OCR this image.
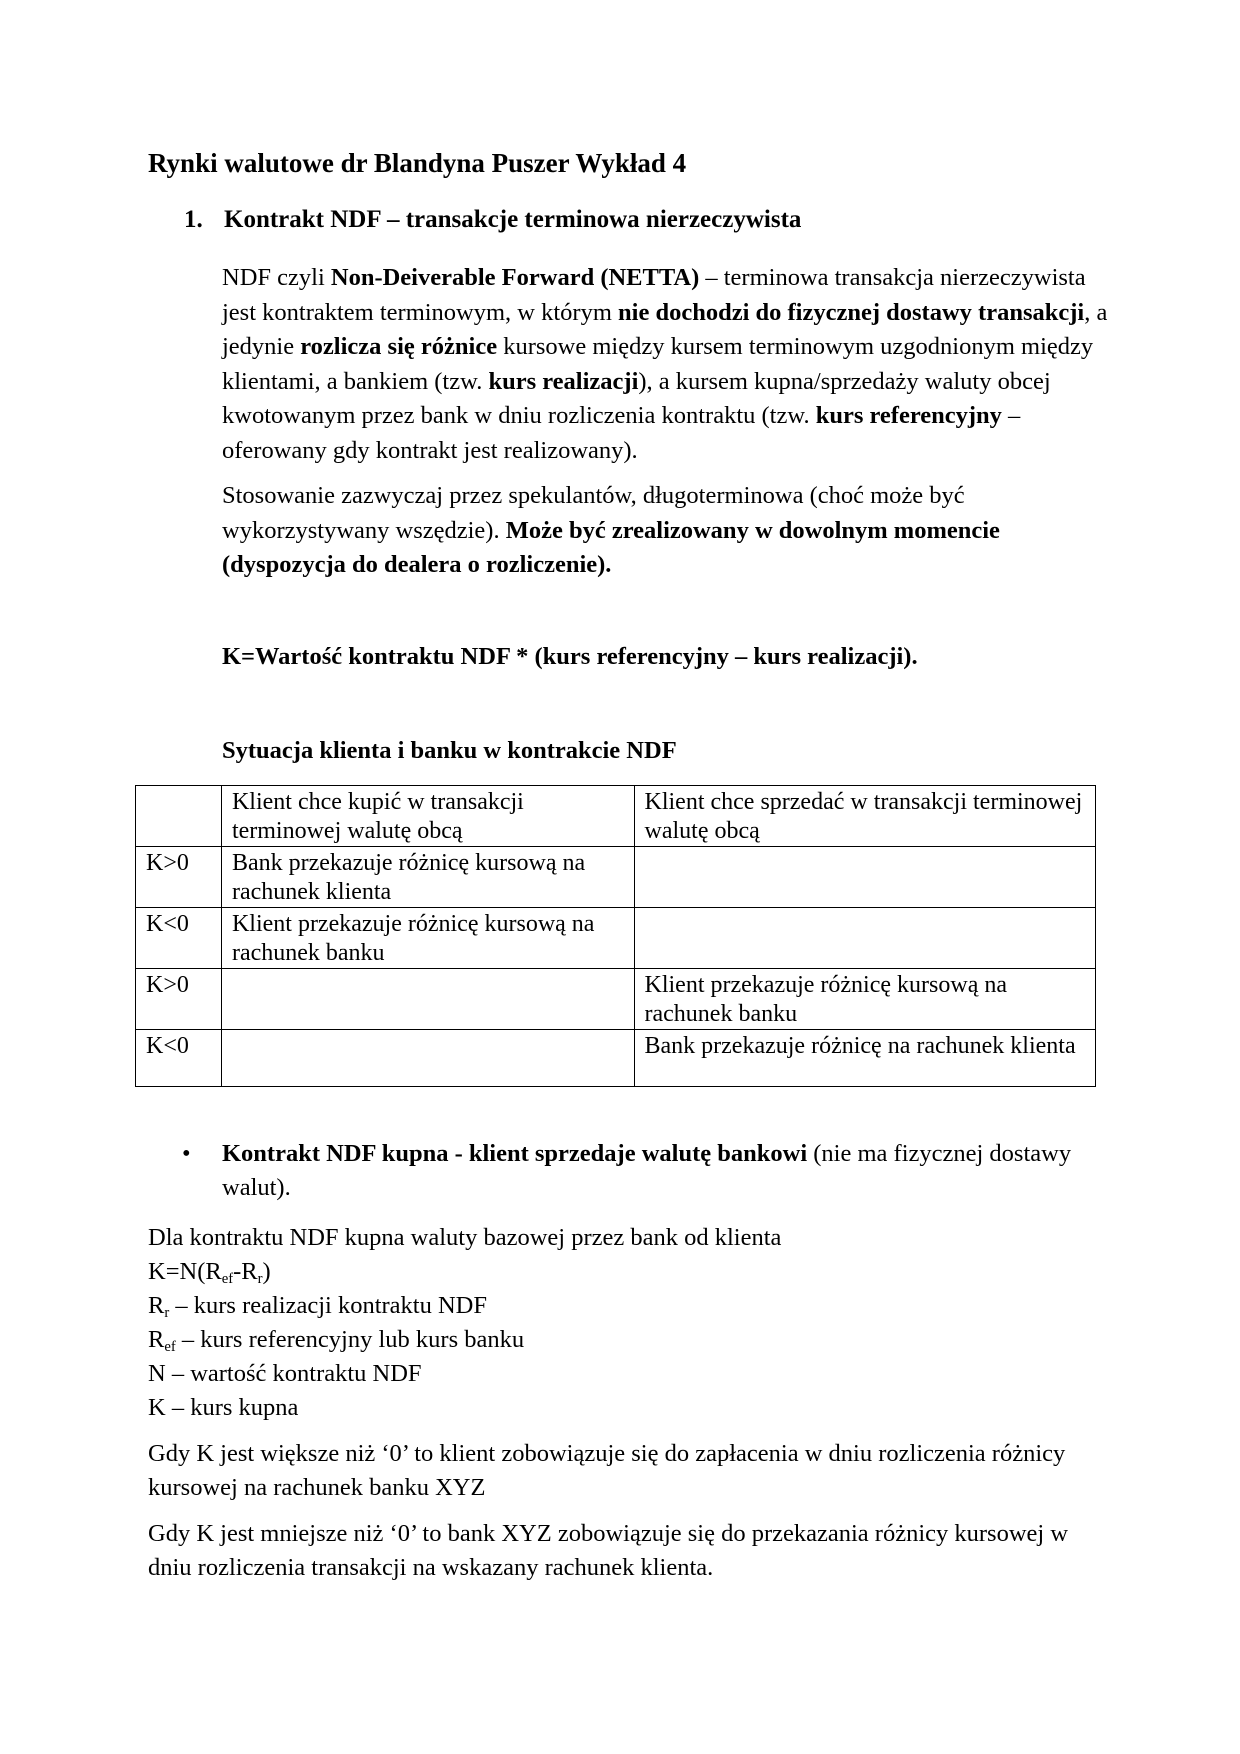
Rynki walutowe dr Blandyna Puszer Wykład 4
1. Kontrakt NDF – transakcje terminowa nierzeczywista

NDF czyli Non-Deiverable Forward (NETTA) – terminowa transakcja nierzeczywista jest kontraktem terminowym, w którym nie dochodzi do fizycznej dostawy transakcji, a jedynie rozlicza się różnice kursowe między kursem terminowym uzgodnionym między klientami, a bankiem (tzw. kurs realizacji), a kursem kupna/sprzedaży waluty obcej kwotowanym przez bank w dniu rozliczenia kontraktu (tzw. kurs referencyjny – oferowany gdy kontrakt jest realizowany).

Stosowanie zazwyczaj przez spekulantów, długoterminowa (choć może być wykorzystywany wszędzie). Może być zrealizowany w dowolnym momencie (dyspozycja do dealera o rozliczenie).

K=Wartość kontraktu NDF * (kurs referencyjny – kurs realizacji).
Sytuacja klienta i banku w kontrakcie NDF
	Klient chce kupić w transakcji terminowej walutę obcą	Klient chce sprzedać w transakcji terminowej walutę obcą
K>0	Bank przekazuje różnicę kursową na rachunek klienta	
K<0	Klient przekazuje różnicę kursową na rachunek banku	
K>0		Klient przekazuje różnicę kursową na rachunek banku
K<0		Bank przekazuje różnicę na rachunek klienta
• Kontrakt NDF kupna - klient sprzedaje walutę bankowi (nie ma fizycznej dostawy walut).

Dla kontraktu NDF kupna waluty bazowej przez bank od klienta

$K=N(R_{ef}-R_r)$

$R_r$ – kurs realizacji kontraktu NDF

$R_{ef}$ – kurs referencyjny lub kurs banku

N – wartość kontraktu NDF

K – kurs kupna

Gdy K jest większe niż ‘0’ to klient zobowiązuje się do zapłacenia w dniu rozliczenia różnicy kursowej na rachunek banku XYZ

Gdy K jest mniejsze niż ‘0’ to bank XYZ zobowiązuje się do przekazania różnicy kursowej w dniu rozliczenia transakcji na wskazany rachunek klienta.
